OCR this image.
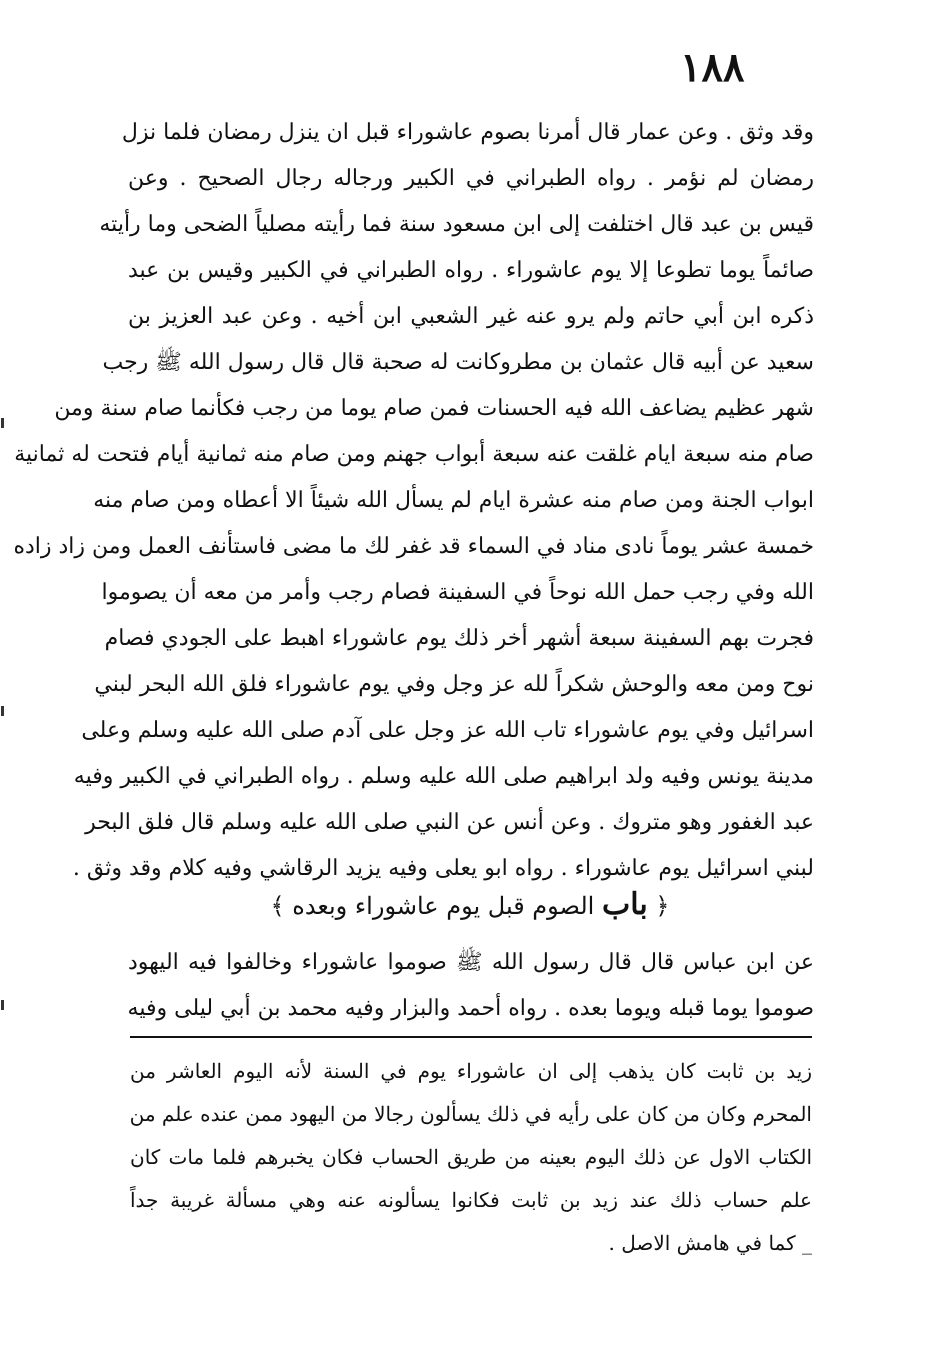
١٨٨
وقد وثق . وعن عمار قال أمرنا بصوم عاشوراء قبل ان ينزل رمضان فلما نزل
رمضان لم نؤمر . رواه الطبراني في الكبير ورجاله رجال الصحيح . وعن
قيس بن عبد قال اختلفت إلى ابن مسعود سنة فما رأيته مصلياً الضحى وما رأيته
صائماً يوما تطوعا إلا يوم عاشوراء . رواه الطبراني في الكبير وقيس بن عبد
ذكره ابن أبي حاتم ولم يرو عنه غير الشعبي ابن أخيه . وعن عبد العزيز بن
سعيد عن أبيه قال عثمان بن مطروكانت له صحبة قال قال رسول الله ﷺ رجب
شهر عظيم يضاعف الله فيه الحسنات فمن صام يوما من رجب فكأنما صام سنة ومن
صام منه سبعة ايام غلقت عنه سبعة أبواب جهنم ومن صام منه ثمانية أيام فتحت له ثمانية
ابواب الجنة ومن صام منه عشرة ايام لم يسأل الله شيئاً الا أعطاه ومن صام منه
خمسة عشر يوماً نادى مناد في السماء قد غفر لك ما مضى فاستأنف العمل ومن زاد زاده
الله وفي رجب حمل الله نوحاً في السفينة فصام رجب وأمر من معه أن يصوموا
فجرت بهم السفينة سبعة أشهر أخر ذلك يوم عاشوراء اهبط على الجودي فصام
نوح ومن معه والوحش شكراً لله عز وجل وفي يوم عاشوراء فلق الله البحر لبني
اسرائيل وفي يوم عاشوراء تاب الله عز وجل على آدم صلى الله عليه وسلم وعلى
مدينة يونس وفيه ولد ابراهيم صلى الله عليه وسلم . رواه الطبراني في الكبير وفيه
عبد الغفور وهو متروك . وعن أنس عن النبي صلى الله عليه وسلم قال فلق البحر
لبني اسرائيل يوم عاشوراء . رواه ابو يعلى وفيه يزيد الرقاشي وفيه كلام وقد وثق .
﴿ باب الصوم قبل يوم عاشوراء وبعده ﴾
عن ابن عباس قال قال رسول الله ﷺ صوموا عاشوراء وخالفوا فيه اليهود
صوموا يوما قبله ويوما بعده . رواه أحمد والبزار وفيه محمد بن أبي ليلى وفيه
زيد بن ثابت كان يذهب إلى ان عاشوراء يوم في السنة لأنه اليوم العاشر من
المحرم وكان من كان على رأيه في ذلك يسألون رجالا من اليهود ممن عنده علم من
الكتاب الاول عن ذلك اليوم بعينه من طريق الحساب فكان يخبرهم فلما مات كان
علم حساب ذلك عند زيد بن ثابت فكانوا يسألونه عنه وهي مسألة غريبة جداً
_ كما في هامش الاصل .
